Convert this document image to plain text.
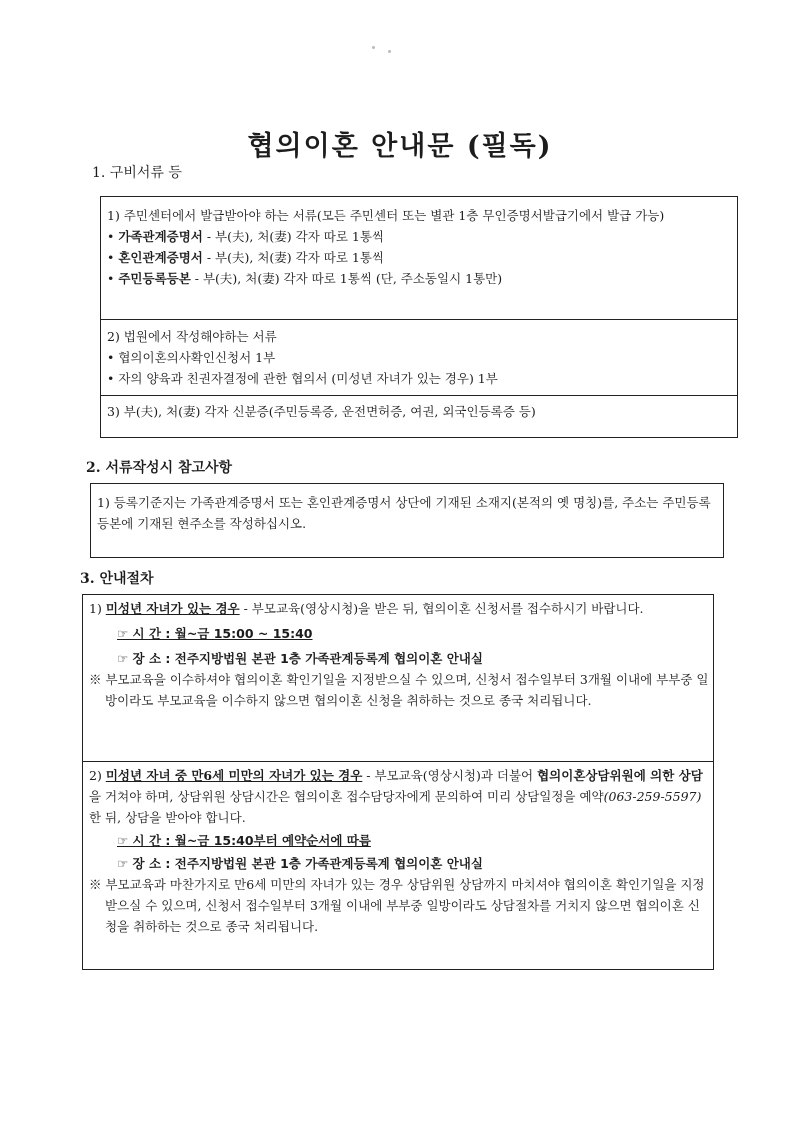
협의이혼 안내문 (필독)
1. 구비서류 등

1) 주민센터에서 발급받아야 하는 서류(모든 주민센터 또는 별관 1층 무인증명서발급기에서 발급 가능)

• 가족관계증명서 - 부(夫), 처(妻) 각자 따로 1통씩

• 혼인관계증명서 - 부(夫), 처(妻) 각자 따로 1통씩

• 주민등록등본 - 부(夫), 처(妻) 각자 따로 1통씩 (단, 주소동일시 1통만)

2) 법원에서 작성해야하는 서류

• 협의이혼의사확인신청서 1부

• 자의 양육과 친권자결정에 관한 협의서 (미성년 자녀가 있는 경우) 1부

3) 부(夫), 처(妻) 각자 신분증(주민등록증, 운전면허증, 여권, 외국인등록증 등)

2. 서류작성시 참고사항

1) 등록기준지는 가족관계증명서 또는 혼인관계증명서 상단에 기재된 소재지(본적의 옛 명칭)를, 주소는 주민등록등본에 기재된 현주소를 작성하십시오.

3. 안내절차

1) 미성년 자녀가 있는 경우 - 부모교육(영상시청)을 받은 뒤, 협의이혼 신청서를 접수하시기 바랍니다.

☞ 시 간 : 월~금 15:00 ~ 15:40

☞ 장 소 : 전주지방법원 본관 1층 가족관계등록계 협의이혼 안내실

※ 부모교육을 이수하셔야 협의이혼 확인기일을 지정받으실 수 있으며, 신청서 접수일부터 3개월 이내에 부부중 일방이라도 부모교육을 이수하지 않으면 협의이혼 신청을 취하하는 것으로 종국 처리됩니다.

2) 미성년 자녀 중 만6세 미만의 자녀가 있는 경우 - 부모교육(영상시청)과 더불어 협의이혼상담위원에 의한 상담을 거쳐야 하며, 상담위원 상담시간은 협의이혼 접수담당자에게 문의하여 미리 상담일정을 예약(063-259-5597)한 뒤, 상담을 받아야 합니다.

☞ 시 간 : 월~금 15:40부터 예약순서에 따름

☞ 장 소 : 전주지방법원 본관 1층 가족관계등록계 협의이혼 안내실

※ 부모교육과 마찬가지로 만6세 미만의 자녀가 있는 경우 상담위원 상담까지 마치셔야 협의이혼 확인기일을 지정받으실 수 있으며, 신청서 접수일부터 3개월 이내에 부부중 일방이라도 상담절차를 거치지 않으면 협의이혼 신청을 취하하는 것으로 종국 처리됩니다.
